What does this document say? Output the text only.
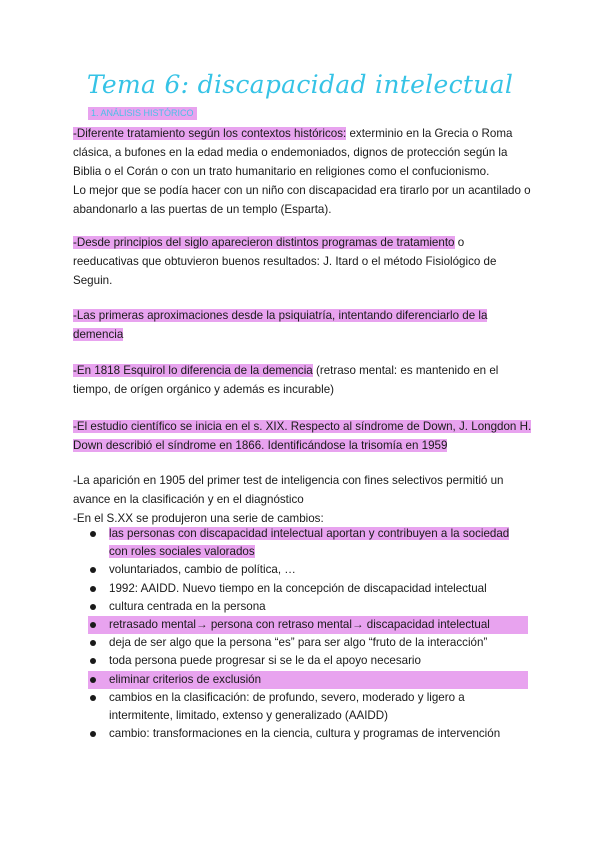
Tema 6: discapacidad intelectual
1. ANÁLISIS HISTÓRICO
-Diferente tratamiento según los contextos históricos: exterminio en la Grecia o Roma clásica, a bufones en la edad media o endemoniados, dignos de protección según la Biblia o el Corán o con un trato humanitario en religiones como el confucionismo.
Lo mejor que se podía hacer con un niño con discapacidad era tirarlo por un acantilado o abandonarlo a las puertas de un templo (Esparta).
-Desde principios del siglo aparecieron distintos programas de tratamiento o reeducativas que obtuvieron buenos resultados: J. Itard o el método Fisiológico de Seguin.
-Las primeras aproximaciones desde la psiquiatría, intentando diferenciarlo de la demencia
-En 1818 Esquirol lo diferencia de la demencia (retraso mental: es mantenido en el tiempo, de orígen orgánico y además es incurable)
-El estudio científico se inicia en el s. XIX. Respecto al síndrome de Down, J. Longdon H. Down describió el síndrome en 1866. Identificándose la trisomía en 1959
-La aparición en 1905 del primer test de inteligencia con fines selectivos permitió un avance en la clasificación y en el diagnóstico
-En el S.XX se produjeron una serie de cambios:
las personas con discapacidad intelectual aportan y contribuyen a la sociedad con roles sociales valorados
voluntariados, cambio de política, …
1992: AAIDD. Nuevo tiempo en la concepción de discapacidad intelectual
cultura centrada en la persona
retrasado mental→ persona con retraso mental→ discapacidad intelectual
deja de ser algo que la persona “es” para ser algo “fruto de la interacción”
toda persona puede progresar si se le da el apoyo necesario
eliminar criterios de exclusión
cambios en la clasificación: de profundo, severo, moderado y ligero a intermitente, limitado, extenso y generalizado (AAIDD)
cambio: transformaciones en la ciencia, cultura y programas de intervención
